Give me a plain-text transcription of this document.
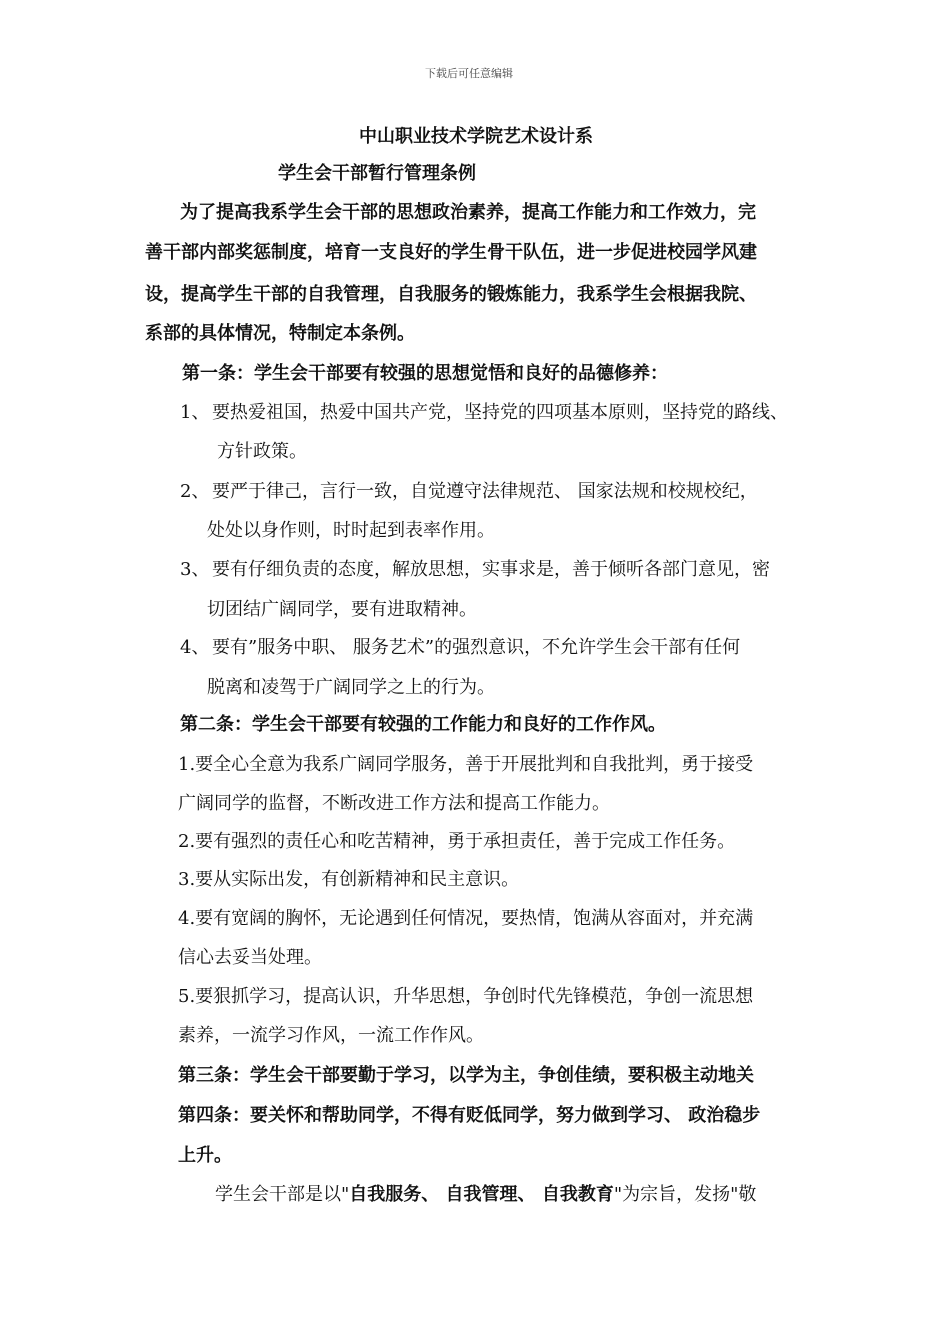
下载后可任意编辑
中山职业技术学院艺术设计系
学生会干部暂行管理条例
为了提高我系学生会干部的思想政治素养，提高工作能力和工作效力，完
善干部内部奖惩制度，培育一支良好的学生骨干队伍，进一步促进校园学风建
设，提高学生干部的自我管理，自我服务的锻炼能力，我系学生会根据我院、
系部的具体情况，特制定本条例。
第一条：学生会干部要有较强的思想觉悟和良好的品德修养：
1、 要热爱祖国，热爱中国共产党，坚持党的四项基本原则，坚持党的路线、
方针政策。
2、 要严于律己，言行一致，自觉遵守法律规范、 国家法规和校规校纪，
处处以身作则，时时起到表率作用。
3、 要有仔细负责的态度，解放思想，实事求是，善于倾听各部门意见，密
切团结广阔同学，要有进取精神。
4、 要有”服务中职、 服务艺术”的强烈意识，不允许学生会干部有任何
脱离和凌驾于广阔同学之上的行为。
第二条：学生会干部要有较强的工作能力和良好的工作作风。
1.要全心全意为我系广阔同学服务，善于开展批判和自我批判，勇于接受
广阔同学的监督，不断改进工作方法和提高工作能力。
2.要有强烈的责任心和吃苦精神，勇于承担责任，善于完成工作任务。
3.要从实际出发，有创新精神和民主意识。
4.要有宽阔的胸怀，无论遇到任何情况，要热情，饱满从容面对，并充满
信心去妥当处理。
5.要狠抓学习，提高认识，升华思想，争创时代先锋模范，争创一流思想
素养，一流学习作风，一流工作作风。
第三条：学生会干部要勤于学习，以学为主，争创佳绩，要积极主动地关
第四条：要关怀和帮助同学，不得有贬低同学，努力做到学习、 政治稳步
上升。
学生会干部是以"自我服务、 自我管理、 自我教育"为宗旨，发扬"敬
